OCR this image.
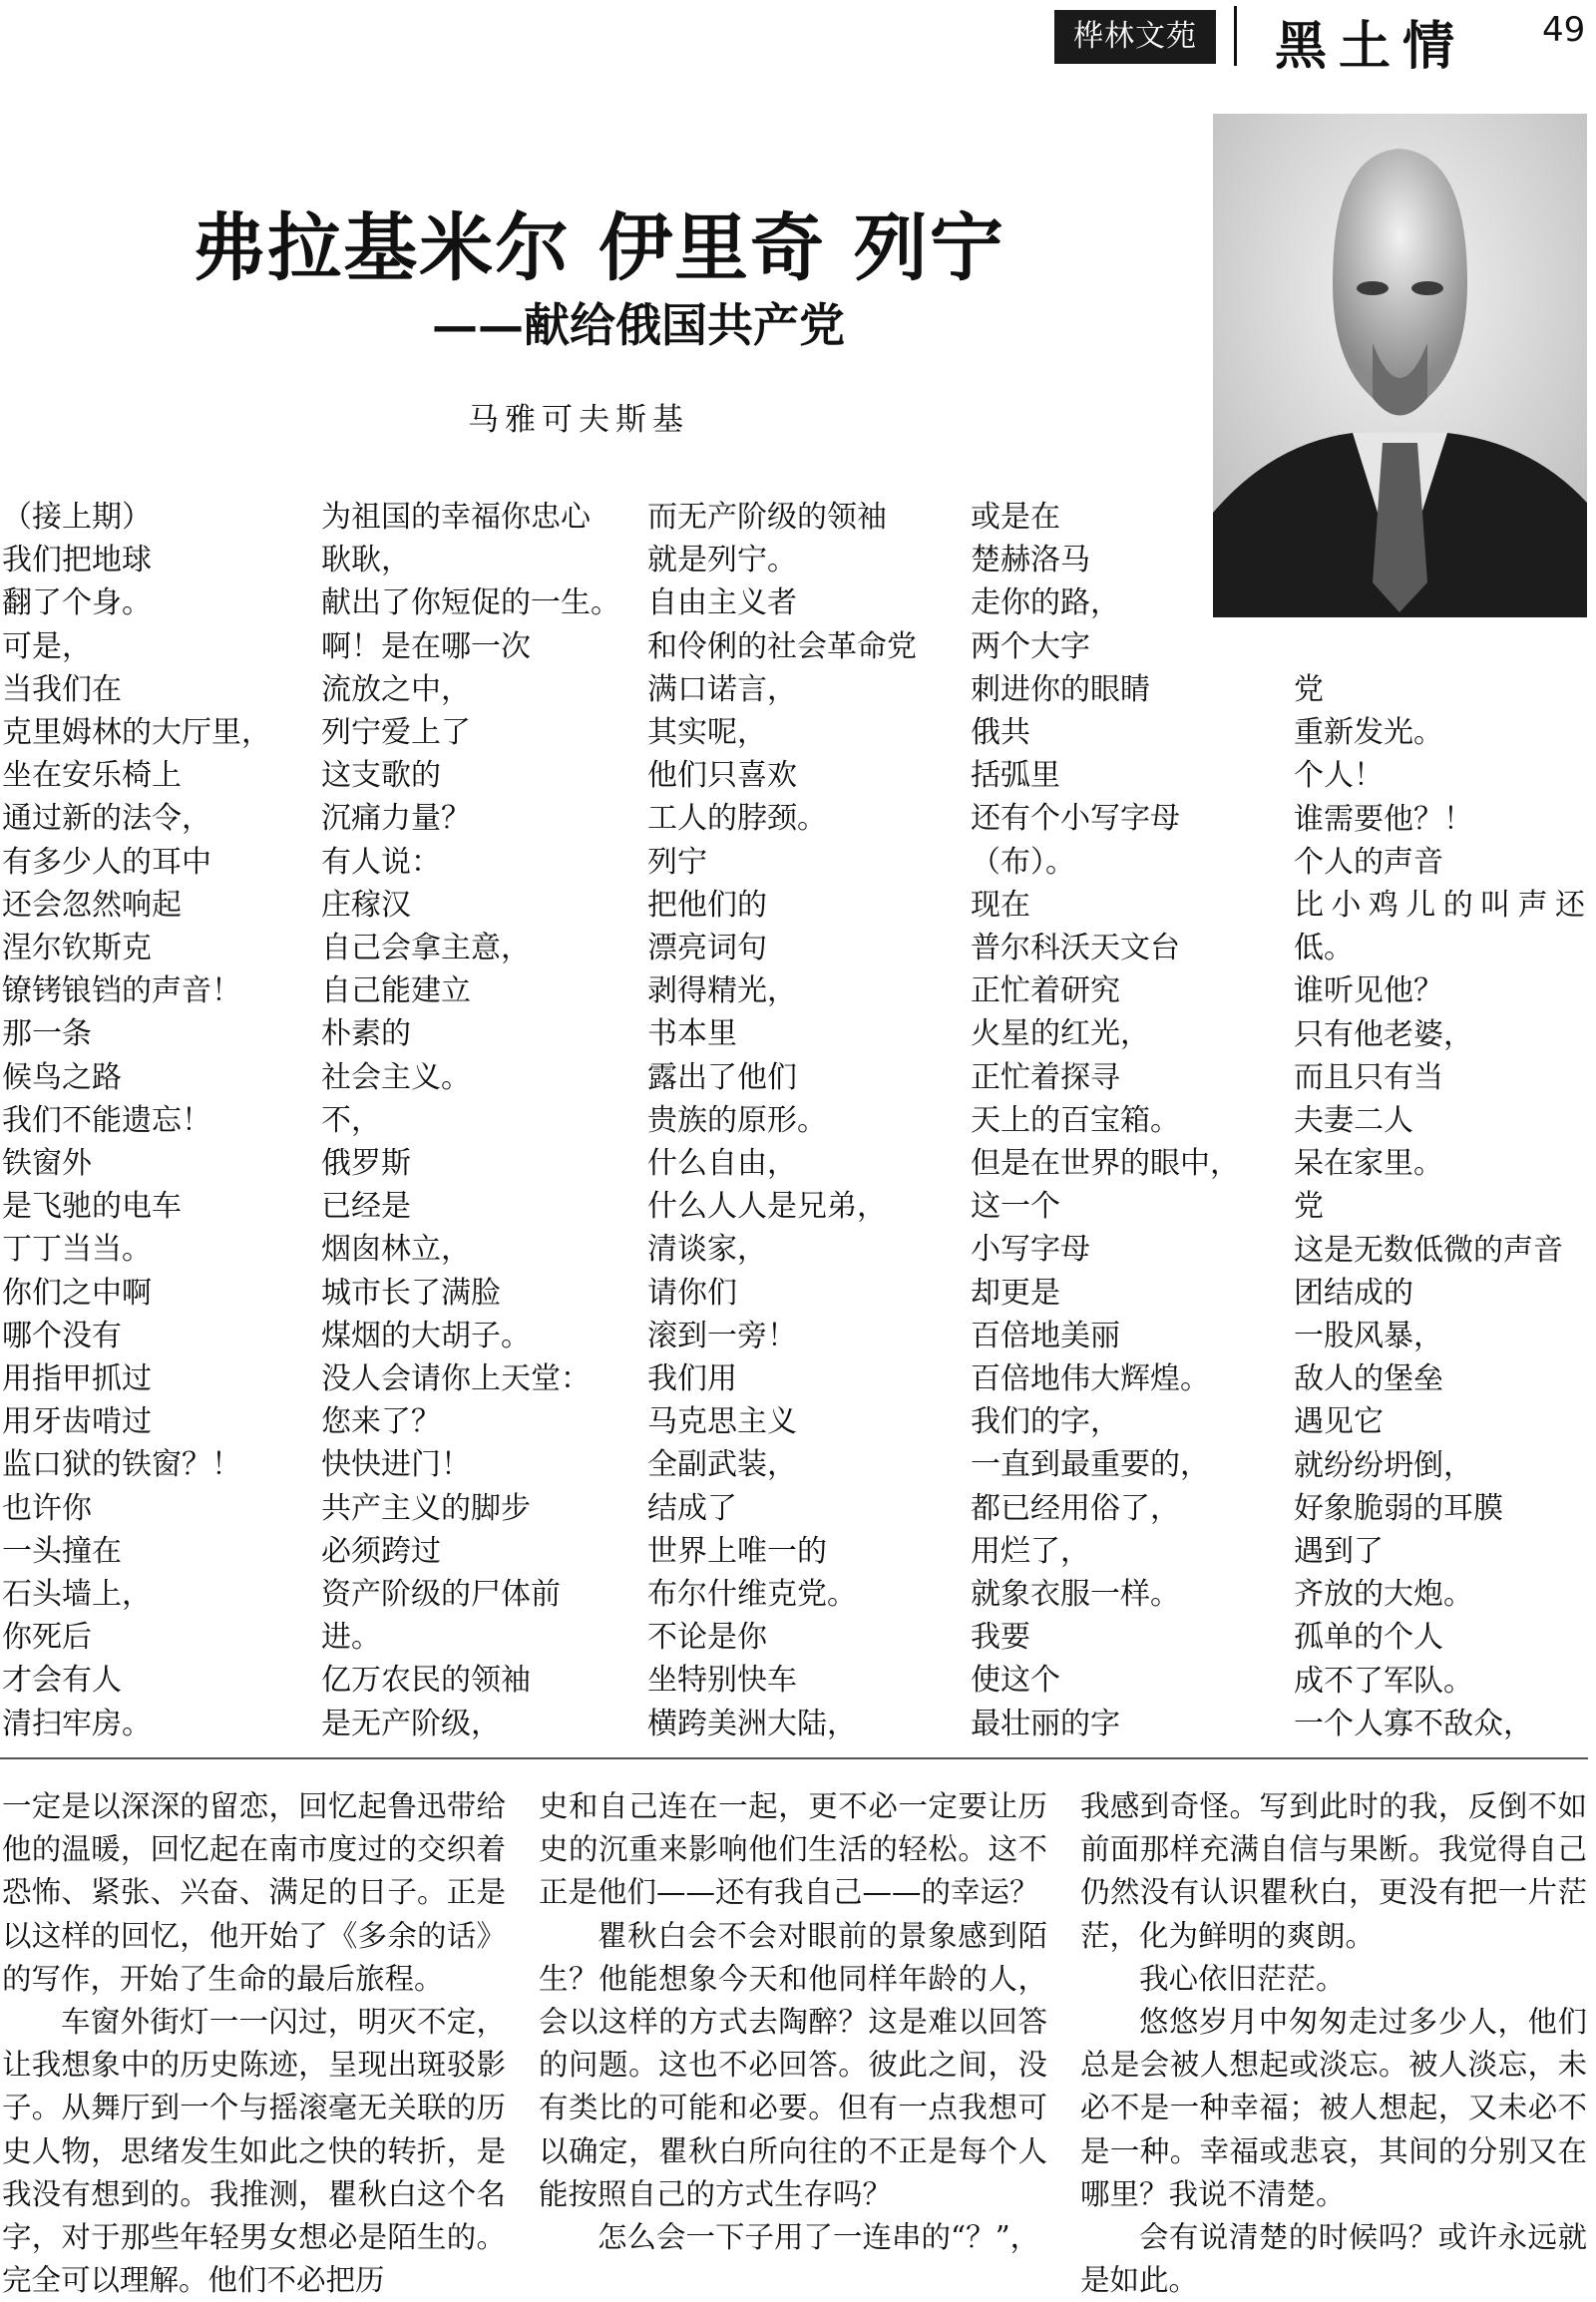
桦林文苑	黑土情 49
弗拉基米尔 伊里奇 列宁
——献给俄国共产党
马雅可夫斯基
（接上期）
我们把地球
翻了个身。
可是，
当我们在
克里姆林的大厅里，
坐在安乐椅上
通过新的法令，
有多少人的耳中
还会忽然响起
涅尔钦斯克
镣铐锒铛的声音！
那一条
候鸟之路
我们不能遗忘！
铁窗外
是飞驰的电车
丁丁当当。
你们之中啊
哪个没有
用指甲抓过
用牙齿啃过
监口狱的铁窗？！
也许你
一头撞在
石头墙上，
你死后
才会有人
清扫牢房。
为祖国的幸福你忠心
耿耿，
献出了你短促的一生。
啊！是在哪一次
流放之中，
列宁爱上了
这支歌的
沉痛力量？
有人说：
庄稼汉
自己会拿主意，
自己能建立
朴素的
社会主义。
不，
俄罗斯
已经是
烟囱林立，
城市长了满脸
煤烟的大胡子。
没人会请你上天堂：
您来了？
快快进门！
共产主义的脚步
必须跨过
资产阶级的尸体前
进。
亿万农民的领袖
是无产阶级，
而无产阶级的领袖
就是列宁。
自由主义者
和伶俐的社会革命党
满口诺言，
其实呢，
他们只喜欢
工人的脖颈。
列宁
把他们的
漂亮词句
剥得精光，
书本里
露出了他们
贵族的原形。
什么自由，
什么人人是兄弟，
清谈家，
请你们
滚到一旁！
我们用
马克思主义
全副武装，
结成了
世界上唯一的
布尔什维克党。
不论是你
坐特别快车
横跨美洲大陆，
或是在
楚赫洛马
走你的路，
两个大字
刺进你的眼睛
俄共
括弧里
还有个小写字母
（布）。
现在
普尔科沃天文台
正忙着研究
火星的红光，
正忙着探寻
天上的百宝箱。
但是在世界的眼中，
这一个
小写字母
却更是
百倍地美丽
百倍地伟大辉煌。
我们的字，
一直到最重要的，
都已经用俗了，
用烂了，
就象衣服一样。
我要
使这个
最壮丽的字
党
重新发光。
个人！
谁需要他？！
个人的声音
比小鸡儿的叫声还低。
谁听见他？
只有他老婆，
而且只有当
夫妻二人
呆在家里。
党
这是无数低微的声音
团结成的
一股风暴，
敌人的堡垒
遇见它
就纷纷坍倒，
好象脆弱的耳膜
遇到了
齐放的大炮。
孤单的个人
成不了军队。
一个人寡不敌众，

一定是以深深的留恋，回忆起鲁迅带给他的温暖，回忆起在南市度过的交织着恐怖、紧张、兴奋、满足的日子。正是以这样的回忆，他开始了《多余的话》的写作，开始了生命的最后旅程。

车窗外街灯一一闪过，明灭不定，让我想象中的历史陈迹，呈现出斑驳影子。从舞厅到一个与摇滚毫无关联的历史人物，思绪发生如此之快的转折，是我没有想到的。我推测，瞿秋白这个名字，对于那些年轻男女想必是陌生的。完全可以理解。他们不必把历

史和自己连在一起，更不必一定要让历史的沉重来影响他们生活的轻松。这不正是他们——还有我自己——的幸运？

瞿秋白会不会对眼前的景象感到陌生？他能想象今天和他同样年龄的人，会以这样的方式去陶醉？这是难以回答的问题。这也不必回答。彼此之间，没有类比的可能和必要。但有一点我想可以确定，瞿秋白所向往的不正是每个人能按照自己的方式生存吗？

怎么会一下子用了一连串的“？”，

我感到奇怪。写到此时的我，反倒不如前面那样充满自信与果断。我觉得自己仍然没有认识瞿秋白，更没有把一片茫茫，化为鲜明的爽朗。

我心依旧茫茫。

悠悠岁月中匆匆走过多少人，他们总是会被人想起或淡忘。被人淡忘，未必不是一种幸福；被人想起，又未必不是一种。幸福或悲哀，其间的分别又在哪里？我说不清楚。

会有说清楚的时候吗？或许永远就是如此。
